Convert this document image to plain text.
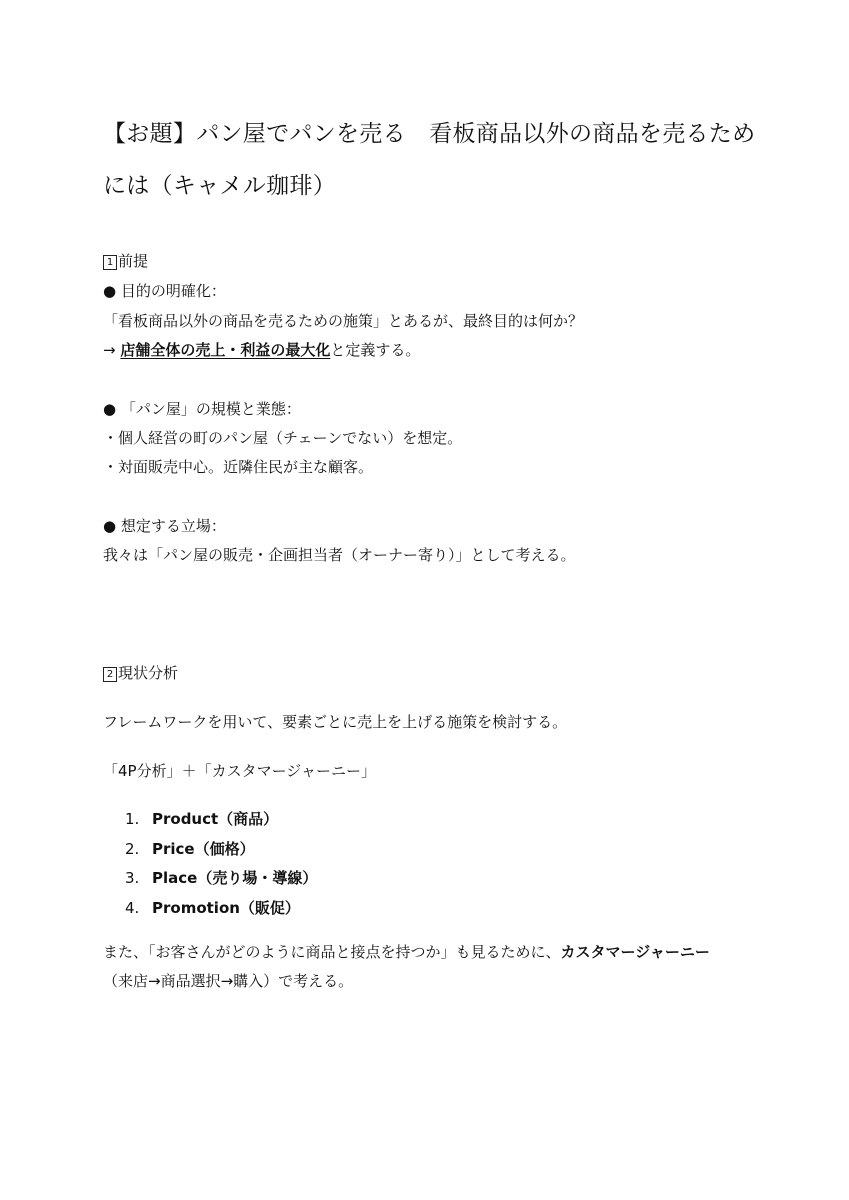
【お題】パン屋でパンを売る　看板商品以外の商品を売るためには（キャメル珈琲）

1 前提

● 目的の明確化：

「看板商品以外の商品を売るための施策」とあるが、最終目的は何か？

→ 店舗全体の売上・利益の最大化と定義する。

● 「パン屋」の規模と業態：

・個人経営の町のパン屋（チェーンでない）を想定。

・対面販売中心。近隣住民が主な顧客。

● 想定する立場：

我々は「パン屋の販売・企画担当者（オーナー寄り）」として考える。

2 現状分析

フレームワークを用いて、要素ごとに売上を上げる施策を検討する。

「4P分析」＋「カスタマージャーニー」

1. Product（商品）
2. Price（価格）
3. Place（売り場・導線）
4. Promotion（販促）

また、「お客さんがどのように商品と接点を持つか」も見るために、カスタマージャーニー

（来店→商品選択→購入）で考える。
